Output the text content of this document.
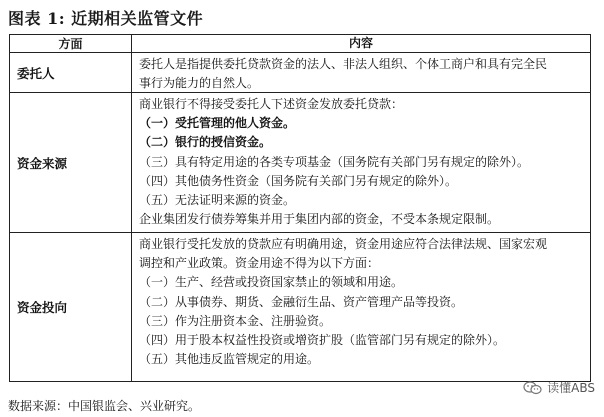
图表 1: 近期相关监管文件
方面	内容
委托人
委托人是指提供委托贷款资金的法人、非法人组织、个体工商户和具有完全民
事行为能力的自然人。
资金来源
商业银行不得接受委托人下述资金发放委托贷款：
（一）受托管理的他人资金。
（二）银行的授信资金。
（三）具有特定用途的各类专项基金（国务院有关部门另有规定的除外）。
（四）其他债务性资金（国务院有关部门另有规定的除外）。
（五）无法证明来源的资金。
企业集团发行债券筹集并用于集团内部的资金，不受本条规定限制。
资金投向
商业银行受托发放的贷款应有明确用途，资金用途应符合法律法规、国家宏观
调控和产业政策。资金用途不得为以下方面：
（一）生产、经营或投资国家禁止的领域和用途。
（二）从事债券、期货、金融衍生品、资产管理产品等投资。
（三）作为注册资本金、注册验资。
（四）用于股本权益性投资或增资扩股（监管部门另有规定的除外）。
（五）其他违反监管规定的用途。
数据来源：中国银监会、兴业研究。
读懂ABS
